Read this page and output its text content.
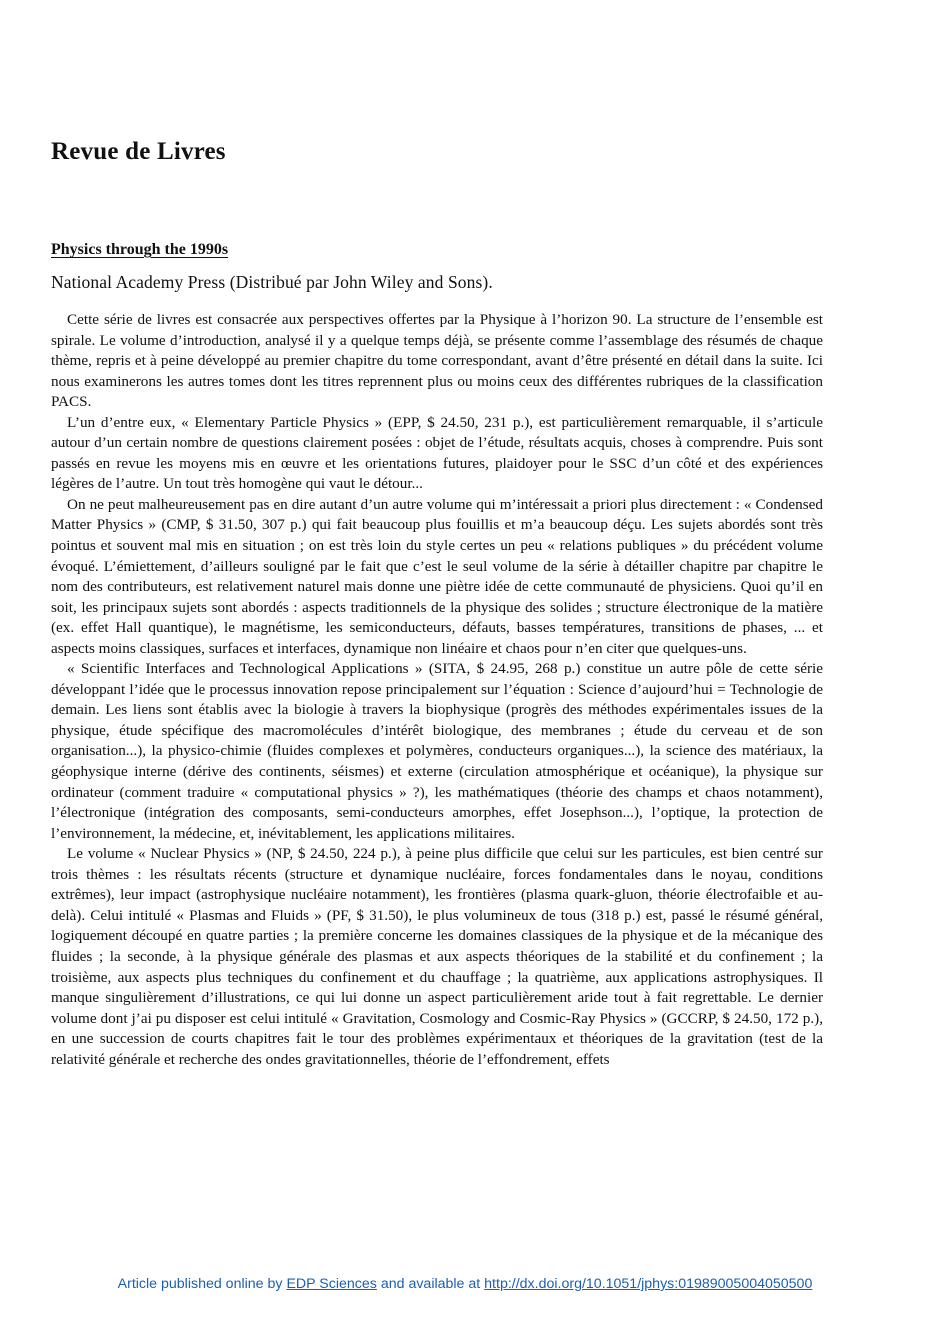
Revue de Livres
Physics through the 1990s
National Academy Press (Distribué par John Wiley and Sons).

Cette série de livres est consacrée aux perspectives offertes par la Physique à l’horizon 90. La structure de l’ensemble est spirale. Le volume d’introduction, analysé il y a quelque temps déjà, se présente comme l’assemblage des résumés de chaque thème, repris et à peine développé au premier chapitre du tome correspondant, avant d’être présenté en détail dans la suite. Ici nous examinerons les autres tomes dont les titres reprennent plus ou moins ceux des différentes rubriques de la classification PACS.

L’un d’entre eux, « Elementary Particle Physics » (EPP, $ 24.50, 231 p.), est particulièrement remarquable, il s’articule autour d’un certain nombre de questions clairement posées : objet de l’étude, résultats acquis, choses à comprendre. Puis sont passés en revue les moyens mis en œuvre et les orientations futures, plaidoyer pour le SSC d’un côté et des expériences légères de l’autre. Un tout très homogène qui vaut le détour...

On ne peut malheureusement pas en dire autant d’un autre volume qui m’intéressait a priori plus directement : « Condensed Matter Physics » (CMP, $ 31.50, 307 p.) qui fait beaucoup plus fouillis et m’a beaucoup déçu. Les sujets abordés sont très pointus et souvent mal mis en situation ; on est très loin du style certes un peu « relations publiques » du précédent volume évoqué. L’émiettement, d’ailleurs souligné par le fait que c’est le seul volume de la série à détailler chapitre par chapitre le nom des contributeurs, est relativement naturel mais donne une piètre idée de cette communauté de physiciens. Quoi qu’il en soit, les principaux sujets sont abordés : aspects traditionnels de la physique des solides ; structure électronique de la matière (ex. effet Hall quantique), le magnétisme, les semiconducteurs, défauts, basses températures, transitions de phases, ... et aspects moins classiques, surfaces et interfaces, dynamique non linéaire et chaos pour n’en citer que quelques-uns.

« Scientific Interfaces and Technological Applications » (SITA, $ 24.95, 268 p.) constitue un autre pôle de cette série développant l’idée que le processus innovation repose principalement sur l’équation : Science d’aujourd’hui = Technologie de demain. Les liens sont établis avec la biologie à travers la biophysique (progrès des méthodes expérimentales issues de la physique, étude spécifique des macromolécules d’intérêt biologique, des membranes ; étude du cerveau et de son organisation...), la physico-chimie (fluides complexes et polymères, conducteurs organiques...), la science des matériaux, la géophysique interne (dérive des continents, séismes) et externe (circulation atmosphérique et océanique), la physique sur ordinateur (comment traduire « computational physics » ?), les mathématiques (théorie des champs et chaos notamment), l’électronique (intégration des composants, semi-conducteurs amorphes, effet Josephson...), l’optique, la protection de l’environnement, la médecine, et, inévitablement, les applications militaires.

Le volume « Nuclear Physics » (NP, $ 24.50, 224 p.), à peine plus difficile que celui sur les particules, est bien centré sur trois thèmes : les résultats récents (structure et dynamique nucléaire, forces fondamentales dans le noyau, conditions extrêmes), leur impact (astrophysique nucléaire notamment), les frontières (plasma quark-gluon, théorie électrofaible et au-delà). Celui intitulé « Plasmas and Fluids » (PF, $ 31.50), le plus volumineux de tous (318 p.) est, passé le résumé général, logiquement découpé en quatre parties ; la première concerne les domaines classiques de la physique et de la mécanique des fluides ; la seconde, à la physique générale des plasmas et aux aspects théoriques de la stabilité et du confinement ; la troisième, aux aspects plus techniques du confinement et du chauffage ; la quatrième, aux applications astrophysiques. Il manque singulièrement d’illustrations, ce qui lui donne un aspect particulièrement aride tout à fait regrettable. Le dernier volume dont j’ai pu disposer est celui intitulé « Gravitation, Cosmology and Cosmic-Ray Physics » (GCCRP, $ 24.50, 172 p.), en une succession de courts chapitres fait le tour des problèmes expérimentaux et théoriques de la gravitation (test de la relativité générale et recherche des ondes gravitationnelles, théorie de l’effondrement, effets

Article published online by EDP Sciences and available at http://dx.doi.org/10.1051/jphys:01989005004050500
